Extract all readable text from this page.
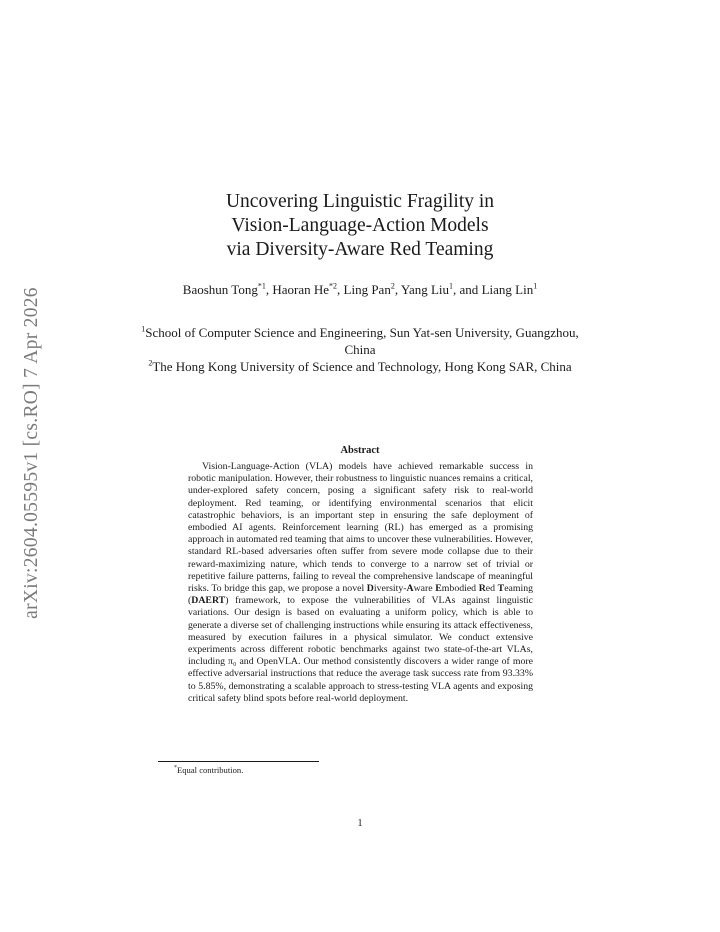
arXiv:2604.05595v1 [cs.RO] 7 Apr 2026
Uncovering Linguistic Fragility in
Vision-Language-Action Models
via Diversity-Aware Red Teaming
Baoshun Tong$^{*1}$, Haoran He$^{*2}$, Ling Pan$^2$, Yang Liu$^1$, and Liang Lin$^1$
$^1$School of Computer Science and Engineering, Sun Yat-sen University, Guangzhou, China
$^2$The Hong Kong University of Science and Technology, Hong Kong SAR, China
Abstract
Vision-Language-Action (VLA) models have achieved remarkable success in robotic manipulation. However, their robustness to linguistic nuances remains a critical, under-explored safety concern, posing a significant safety risk to real-world deployment. Red teaming, or identifying environmental scenarios that elicit catastrophic behaviors, is an important step in ensuring the safe deployment of embodied AI agents. Reinforcement learning (RL) has emerged as a promising approach in automated red teaming that aims to uncover these vulnerabilities. However, standard RL-based adversaries often suffer from severe mode collapse due to their reward-maximizing nature, which tends to converge to a narrow set of trivial or repetitive failure patterns, failing to reveal the comprehensive landscape of meaningful risks. To bridge this gap, we propose a novel Diversity-Aware Embodied Red Teaming (DAERT) framework, to expose the vulnerabilities of VLAs against linguistic variations. Our design is based on evaluating a uniform policy, which is able to generate a diverse set of challenging instructions while ensuring its attack effectiveness, measured by execution failures in a physical simulator. We conduct extensive experiments across different robotic benchmarks against two state-of-the-art VLAs, including π₀ and OpenVLA. Our method consistently discovers a wider range of more effective adversarial instructions that reduce the average task success rate from 93.33% to 5.85%, demonstrating a scalable approach to stress-testing VLA agents and exposing critical safety blind spots before real-world deployment.
*Equal contribution.
1
